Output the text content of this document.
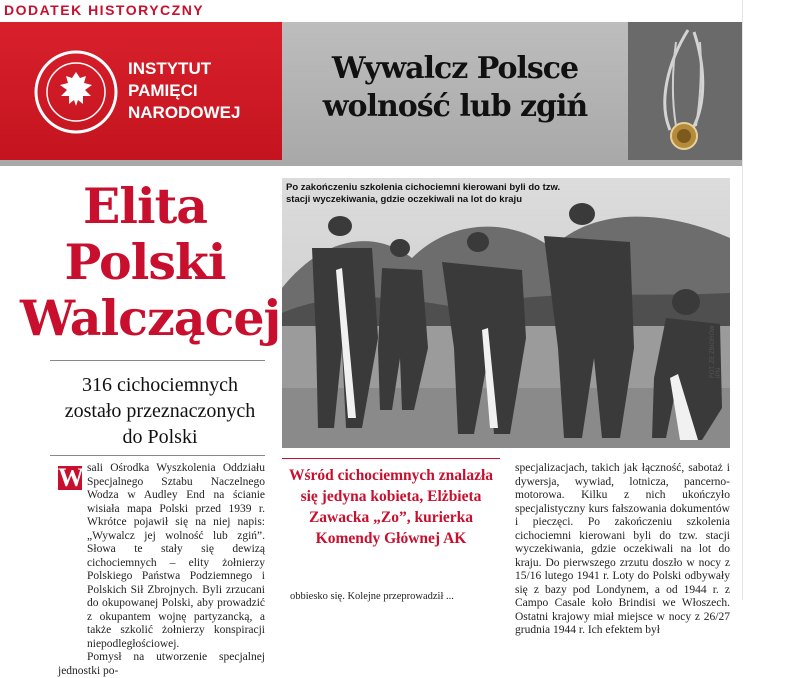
DODATEK HISTORYCZNY
INSTYTUT
PAMIĘCI
NARODOWEJ
Wywalcz Polsce
wolność lub zgiń
Elita
Polski
Walczącej
316 cichociemnych
zostało przeznaczonych
do Polski
Po zakończeniu szkolenia cichociemni kierowani byli do tzw. stacji wyczekiwania, gdzie oczekiwali na lot do kraju
FOT. ZE ZBIORÓW IPN
W sali Ośrodka Wyszkolenia Oddziału Specjalnego Sztabu Naczelnego Wodza w Audley End na ścianie wisiała mapa Polski przed 1939 r. Wkrótce pojawił się na niej napis: „Wywalcz jej wolność lub zgiń”. Słowa te stały się dewizą cichociemnych – elity żołnierzy Polskiego Państwa Podziemnego i Polskich Sił Zbrojnych. Byli zrzucani do okupowanej Polski, aby prowadzić z okupantem wojnę partyzancką, a także szkolić żołnierzy konspiracji niepodległościowej.
Pomysł na utworzenie specjalnej jednostki po-
Wśród cichociemnych znalazła się jedyna kobieta, Elżbieta Zawacka „Zo”, kurierka Komendy Głównej AK
obbiesko się. Kolejne przeprowadził ...
specjalizacjach, takich jak łączność, sabotaż i dywersja, wywiad, lotnicza, pancerno-motorowa. Kilku z nich ukończyło specjalistyczny kurs fałszowania dokumentów i pieczęci. Po zakończeniu szkolenia cichociemni kierowani byli do tzw. stacji wyczekiwania, gdzie oczekiwali na lot do kraju. Do pierwszego zrzutu doszło w nocy z 15/16 lutego 1941 r. Loty do Polski odbywały się z bazy pod Londynem, a od 1944 r. z Campo Casale koło Brindisi we Włoszech. Ostatni krajowy miał miejsce w nocy z 26/27 grudnia 1944 r. Ich efektem był
